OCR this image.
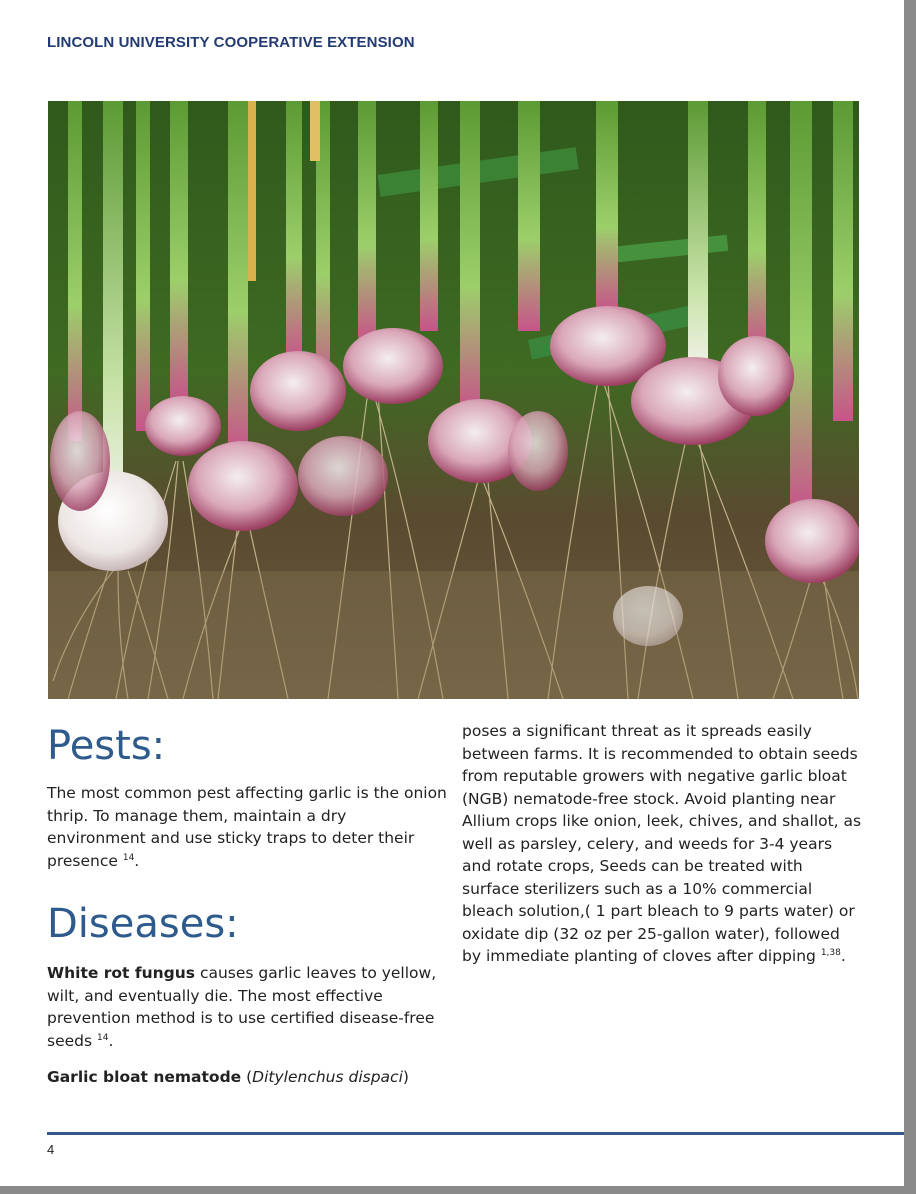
LINCOLN UNIVERSITY COOPERATIVE EXTENSION
Pests:

The most common pest affecting garlic is the onion thrip. To manage them, maintain a dry environment and use sticky traps to deter their presence $^{14}$.

Diseases:

White rot fungus causes garlic leaves to yellow, wilt, and eventually die. The most effective prevention method is to use certified disease-free seeds $^{14}$.

Garlic bloat nematode (Ditylenchus dispaci)

poses a significant threat as it spreads easily between farms. It is recommended to obtain seeds from reputable growers with negative garlic bloat (NGB) nematode-free stock. Avoid planting near Allium crops like onion, leek, chives, and shallot, as well as parsley, celery, and weeds for 3-4 years and rotate crops, Seeds can be treated with surface sterilizers such as a 10% commercial bleach solution,( 1 part bleach to 9 parts water) or oxidate dip (32 oz per 25-gallon water), followed by immediate planting of cloves after dipping $^{1,38}$.

4
